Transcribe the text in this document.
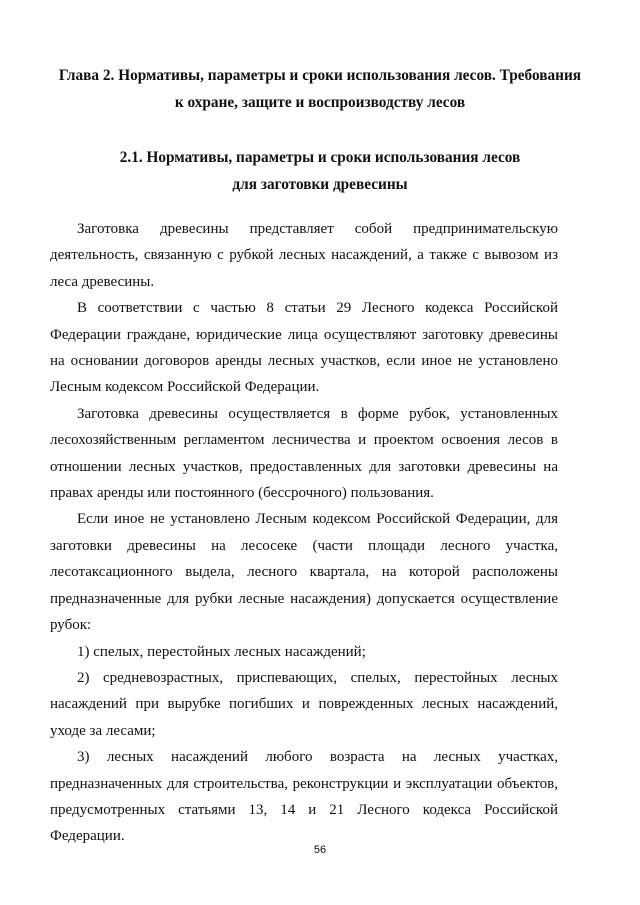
Глава 2. Нормативы, параметры и сроки использования лесов. Требования
к охране, защите и воспроизводству лесов
2.1. Нормативы, параметры и сроки использования лесов
для заготовки древесины

Заготовка древесины представляет собой предпринимательскую деятельность, связанную с рубкой лесных насаждений, а также с вывозом из леса древесины.

В соответствии с частью 8 статьи 29 Лесного кодекса Российской Федерации граждане, юридические лица осуществляют заготовку древесины на основании договоров аренды лесных участков, если иное не установлено Лесным кодексом Российской Федерации.

Заготовка древесины осуществляется в форме рубок, установленных лесохозяйственным регламентом лесничества и проектом освоения лесов в отношении лесных участков, предоставленных для заготовки древесины на правах аренды или постоянного (бессрочного) пользования.

Если иное не установлено Лесным кодексом Российской Федерации, для заготовки древесины на лесосеке (части площади лесного участка, лесотаксационного выдела, лесного квартала, на которой расположены предназначенные для рубки лесные насаждения) допускается осуществление рубок:

1) спелых, перестойных лесных насаждений;

2) средневозрастных, приспевающих, спелых, перестойных лесных насаждений при вырубке погибших и поврежденных лесных насаждений, уходе за лесами;

3) лесных насаждений любого возраста на лесных участках, предназначенных для строительства, реконструкции и эксплуатации объектов, предусмотренных статьями 13, 14 и 21 Лесного кодекса Российской Федерации.

56
